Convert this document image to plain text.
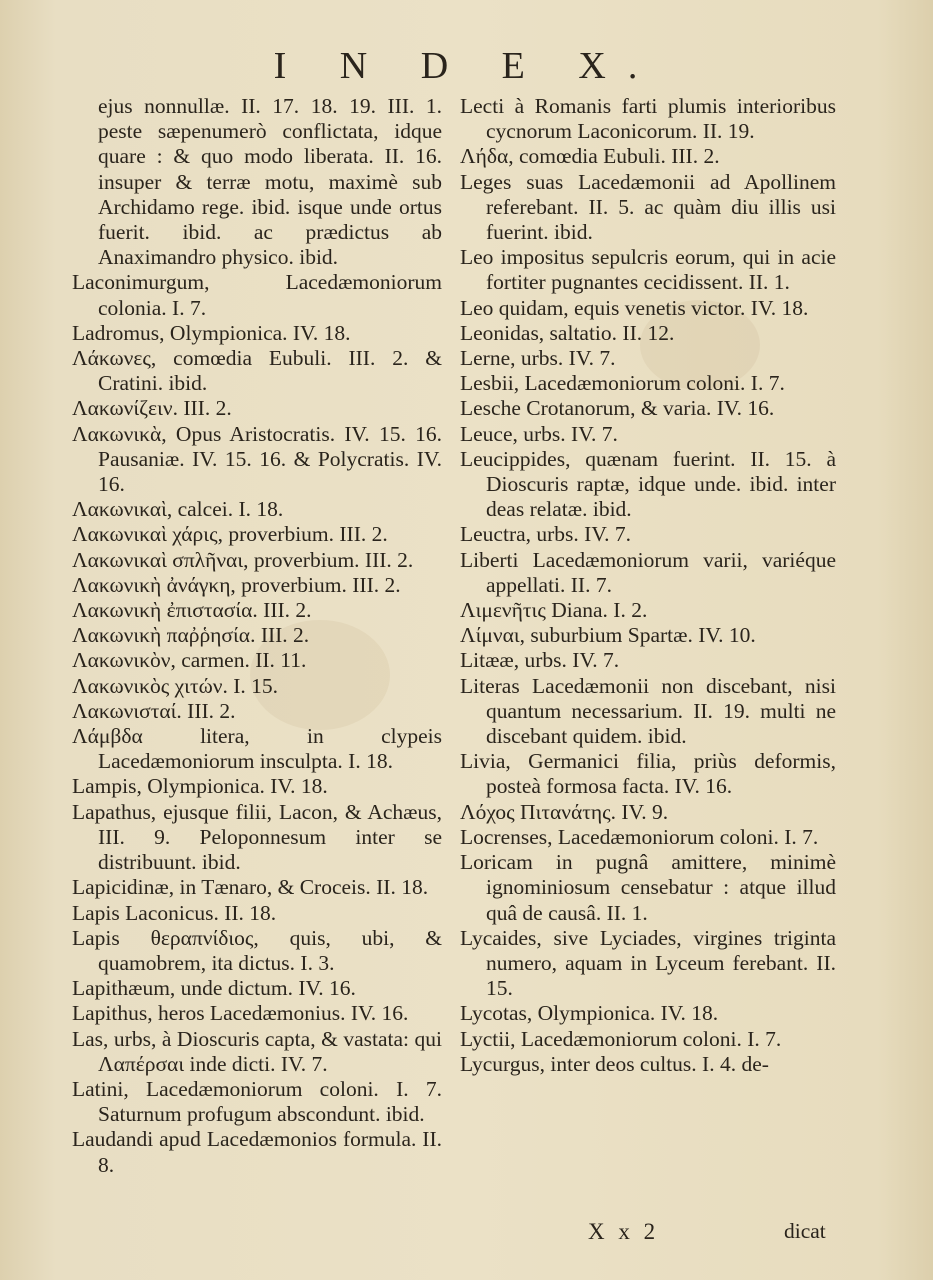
I N D E X.
ejus nonnullæ. II. 17. 18. 19. III. 1. peste sæpenumerò conflictata, idque quare : & quo modo liberata. II. 16. insuper & terræ motu, maximè sub Archidamo rege. ibid. isque unde ortus fuerit. ibid. ac prædictus ab Anaximandro physico. ibid.
Laconimurgum, Lacedæmoniorum colonia. I. 7.
Ladromus, Olympionica. IV. 18.
Λάκωνες, comœdia Eubuli. III. 2. & Cratini. ibid.
Λακωνίζειν. III. 2.
Λακωνικὰ, Opus Aristocratis. IV. 15. 16. Pausaniæ. IV. 15. 16. & Polycratis. IV. 16.
Λακωνικαὶ, calcei. I. 18.
Λακωνικαὶ χάρις, proverbium. III. 2.
Λακωνικαὶ σπλῆναι, proverbium. III. 2.
Λακωνικὴ ἀνάγκη, proverbium. III. 2.
Λακωνικὴ ἐπιστασία. III. 2.
Λακωνικὴ παῤῥησία. III. 2.
Λακωνικὸν, carmen. II. 11.
Λακωνικὸς χιτών. I. 15.
Λακωνισταί. III. 2.
Λάμβδα litera, in clypeis Lacedæmoniorum insculpta. I. 18.
Lampis, Olympionica. IV. 18.
Lapathus, ejusque filii, Lacon, & Achæus, III. 9. Peloponnesum inter se distribuunt. ibid.
Lapicidinæ, in Tænaro, & Croceis. II. 18.
Lapis Laconicus. II. 18.
Lapis θεραπνίδιος, quis, ubi, & quamobrem, ita dictus. I. 3.
Lapithæum, unde dictum. IV. 16.
Lapithus, heros Lacedæmonius. IV. 16.
Las, urbs, à Dioscuris capta, & vastata: qui Λαπέρσαι inde dicti. IV. 7.
Latini, Lacedæmoniorum coloni. I. 7. Saturnum profugum abscondunt. ibid.
Laudandi apud Lacedæmonios formula. II. 8.
Lecti à Romanis farti plumis interioribus cycnorum Laconicorum. II. 19.
Λήδα, comœdia Eubuli. III. 2.
Leges suas Lacedæmonii ad Apollinem referebant. II. 5. ac quàm diu illis usi fuerint. ibid.
Leo impositus sepulcris eorum, qui in acie fortiter pugnantes cecidissent. II. 1.
Leo quidam, equis venetis victor. IV. 18.
Leonidas, saltatio. II. 12.
Lerne, urbs. IV. 7.
Lesbii, Lacedæmoniorum coloni. I. 7.
Lesche Crotanorum, & varia. IV. 16.
Leuce, urbs. IV. 7.
Leucippides, quænam fuerint. II. 15. à Dioscuris raptæ, idque unde. ibid. inter deas relatæ. ibid.
Leuctra, urbs. IV. 7.
Liberti Lacedæmoniorum varii, variéque appellati. II. 7.
Λιμενῆτις Diana. I. 2.
Λίμναι, suburbium Spartæ. IV. 10.
Litææ, urbs. IV. 7.
Literas Lacedæmonii non discebant, nisi quantum necessarium. II. 19. multi ne discebant quidem. ibid.
Livia, Germanici filia, priùs deformis, posteà formosa facta. IV. 16.
Λόχος Πιτανάτης. IV. 9.
Locrenses, Lacedæmoniorum coloni. I. 7.
Loricam in pugnâ amittere, minimè ignominiosum censebatur : atque illud quâ de causâ. II. 1.
Lycaides, sive Lyciades, virgines triginta numero, aquam in Lyceum ferebant. II. 15.
Lycotas, Olympionica. IV. 18.
Lyctii, Lacedæmoniorum coloni. I. 7.
Lycurgus, inter deos cultus. I. 4. de-
X x 2	dicat
